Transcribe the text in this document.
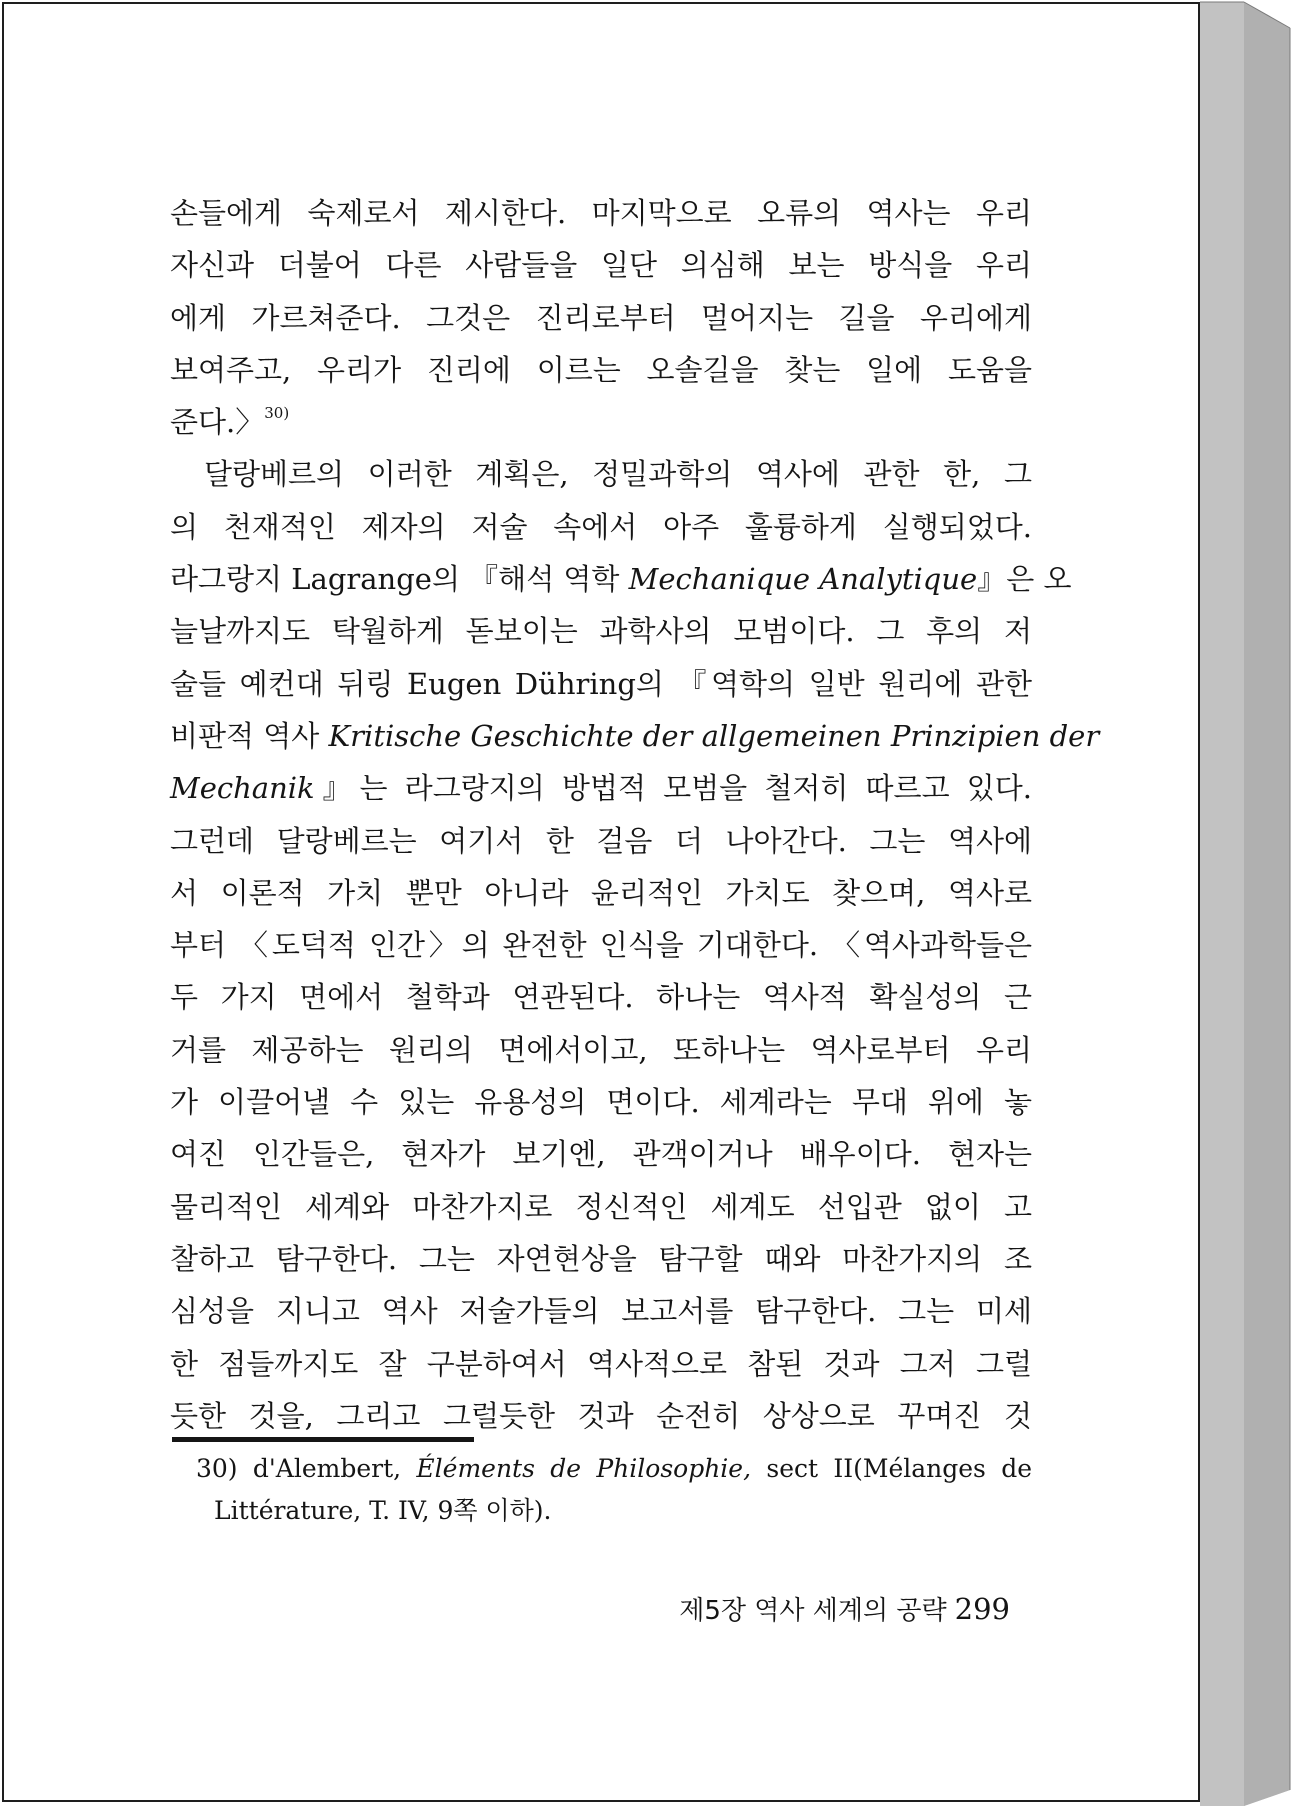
손들에게 숙제로서 제시한다. 마지막으로 오류의 역사는 우리
자신과 더불어 다른 사람들을 일단 의심해 보는 방식을 우리
에게 가르쳐준다. 그것은 진리로부터 멀어지는 길을 우리에게
보여주고, 우리가 진리에 이르는 오솔길을 찾는 일에 도움을
준다.〉$^{30)}$
달랑베르의 이러한 계획은, 정밀과학의 역사에 관한 한, 그
의 천재적인 제자의 저술 속에서 아주 훌륭하게 실행되었다.
라그랑지 Lagrange의 『해석 역학 Mechanique Analytique』은 오
늘날까지도 탁월하게 돋보이는 과학사의 모범이다. 그 후의 저
술들 예컨대 뒤링 Eugen Dühring의 『역학의 일반 원리에 관한
비판적 역사 Kritische Geschichte der allgemeinen Prinzipien der
Mechanik』는 라그랑지의 방법적 모범을 철저히 따르고 있다.
그런데 달랑베르는 여기서 한 걸음 더 나아간다. 그는 역사에
서 이론적 가치 뿐만 아니라 윤리적인 가치도 찾으며, 역사로
부터 〈도덕적 인간〉의 완전한 인식을 기대한다. 〈역사과학들은
두 가지 면에서 철학과 연관된다. 하나는 역사적 확실성의 근
거를 제공하는 원리의 면에서이고, 또하나는 역사로부터 우리
가 이끌어낼 수 있는 유용성의 면이다. 세계라는 무대 위에 놓
여진 인간들은, 현자가 보기엔, 관객이거나 배우이다. 현자는
물리적인 세계와 마찬가지로 정신적인 세계도 선입관 없이 고
찰하고 탐구한다. 그는 자연현상을 탐구할 때와 마찬가지의 조
심성을 지니고 역사 저술가들의 보고서를 탐구한다. 그는 미세
한 점들까지도 잘 구분하여서 역사적으로 참된 것과 그저 그럴
듯한 것을, 그리고 그럴듯한 것과 순전히 상상으로 꾸며진 것
30) d'Alembert, Éléments de Philosophie, sect II(Mélanges de
Littérature, T. IV, 9쪽 이하).
제5장 역사 세계의 공략 299
